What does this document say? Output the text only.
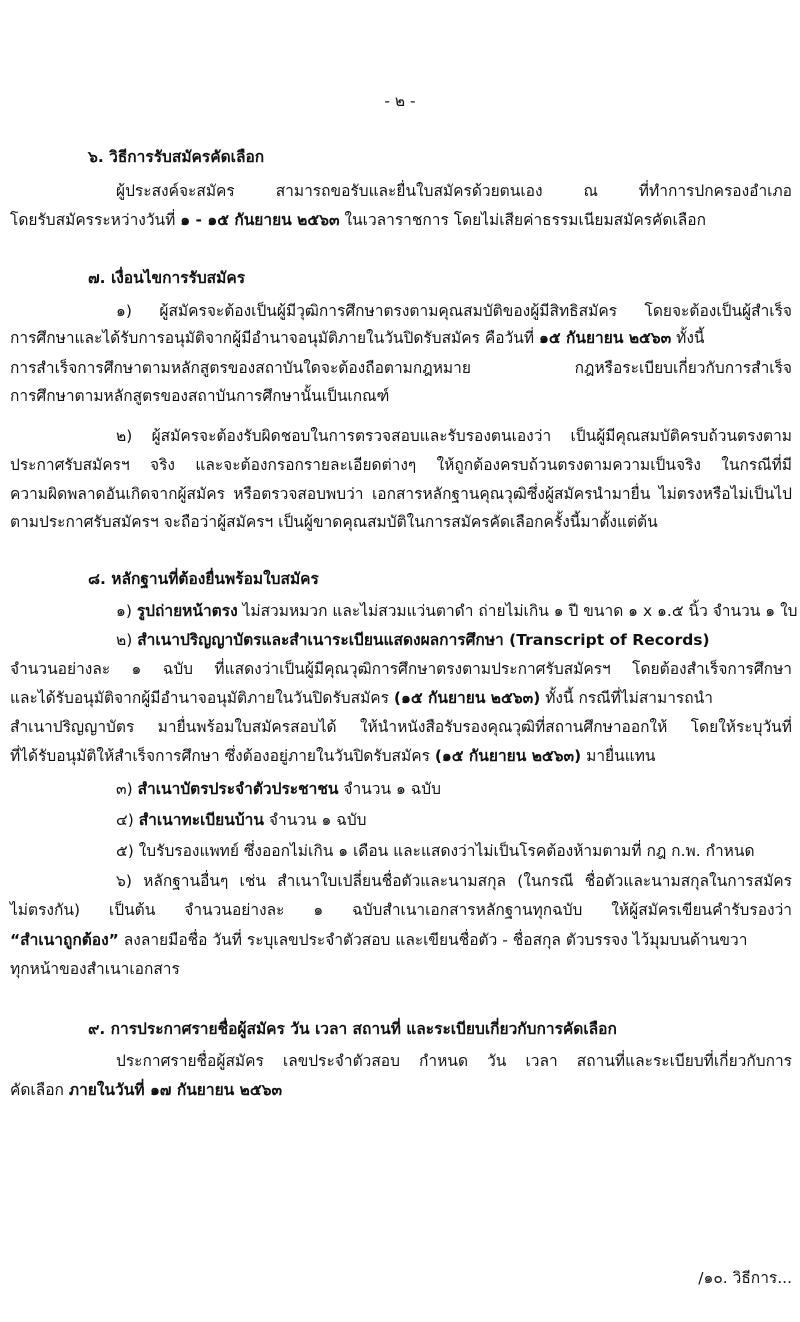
- ๒ -
๖. วิธีการรับสมัครคัดเลือก
ผู้ประสงค์จะสมัคร สามารถขอรับและยื่นใบสมัครด้วยตนเอง ณ ที่ทำการปกครองอำเภอ
โดยรับสมัครระหว่างวันที่ ๑ - ๑๕ กันยายน ๒๕๖๓ ในเวลาราชการ โดยไม่เสียค่าธรรมเนียมสมัครคัดเลือก
๗. เงื่อนไขการรับสมัคร
๑) ผู้สมัครจะต้องเป็นผู้มีวุฒิการศึกษาตรงตามคุณสมบัติของผู้มีสิทธิสมัคร โดยจะต้องเป็นผู้สำเร็จ
การศึกษาและได้รับการอนุมัติจากผู้มีอำนาจอนุมัติภายในวันปิดรับสมัคร คือวันที่ ๑๕ กันยายน ๒๕๖๓ ทั้งนี้
การสำเร็จการศึกษาตามหลักสูตรของสถาบันใดจะต้องถือตามกฎหมาย กฎหรือระเบียบเกี่ยวกับการสำเร็จ
การศึกษาตามหลักสูตรของสถาบันการศึกษานั้นเป็นเกณฑ์
๒) ผู้สมัครจะต้องรับผิดชอบในการตรวจสอบและรับรองตนเองว่า เป็นผู้มีคุณสมบัติครบถ้วนตรงตาม
ประกาศรับสมัครฯ จริง และจะต้องกรอกรายละเอียดต่างๆ ให้ถูกต้องครบถ้วนตรงตามความเป็นจริง ในกรณีที่มี
ความผิดพลาดอันเกิดจากผู้สมัคร หรือตรวจสอบพบว่า เอกสารหลักฐานคุณวุฒิซึ่งผู้สมัครนำมายื่น ไม่ตรงหรือไม่เป็นไป
ตามประกาศรับสมัครฯ จะถือว่าผู้สมัครฯ เป็นผู้ขาดคุณสมบัติในการสมัครคัดเลือกครั้งนี้มาตั้งแต่ต้น
๘. หลักฐานที่ต้องยื่นพร้อมใบสมัคร
๑) รูปถ่ายหน้าตรง ไม่สวมหมวก และไม่สวมแว่นตาดำ ถ่ายไม่เกิน ๑ ปี ขนาด ๑ x ๑.๕ นิ้ว จำนวน ๑ ใบ
๒) สำเนาปริญญาบัตรและสำเนาระเบียนแสดงผลการศึกษา (Transcript of Records)
จำนวนอย่างละ ๑ ฉบับ ที่แสดงว่าเป็นผู้มีคุณวุฒิการศึกษาตรงตามประกาศรับสมัครฯ โดยต้องสำเร็จการศึกษา
และได้รับอนุมัติจากผู้มีอำนาจอนุมัติภายในวันปิดรับสมัคร (๑๕ กันยายน ๒๕๖๓) ทั้งนี้ กรณีที่ไม่สามารถนำ
สำเนาปริญญาบัตร มายื่นพร้อมใบสมัครสอบได้ ให้นำหนังสือรับรองคุณวุฒิที่สถานศึกษาออกให้ โดยให้ระบุวันที่
ที่ได้รับอนุมัติให้สำเร็จการศึกษา ซึ่งต้องอยู่ภายในวันปิดรับสมัคร (๑๕ กันยายน ๒๕๖๓) มายื่นแทน
๓) สำเนาบัตรประจำตัวประชาชน จำนวน ๑ ฉบับ
๔) สำเนาทะเบียนบ้าน จำนวน ๑ ฉบับ
๕) ใบรับรองแพทย์ ซึ่งออกไม่เกิน ๑ เดือน และแสดงว่าไม่เป็นโรคต้องห้ามตามที่ กฎ ก.พ. กำหนด
๖) หลักฐานอื่นๆ เช่น สำเนาใบเปลี่ยนชื่อตัวและนามสกุล (ในกรณี ชื่อตัวและนามสกุลในการสมัคร
ไม่ตรงกัน) เป็นต้น จำนวนอย่างละ ๑ ฉบับสำเนาเอกสารหลักฐานทุกฉบับ ให้ผู้สมัครเขียนคำรับรองว่า
“สำเนาถูกต้อง” ลงลายมือชื่อ วันที่ ระบุเลขประจำตัวสอบ และเขียนชื่อตัว - ชื่อสกุล ตัวบรรจง ไว้มุมบนด้านขวา
ทุกหน้าของสำเนาเอกสาร
๙. การประกาศรายชื่อผู้สมัคร วัน เวลา สถานที่ และระเบียบเกี่ยวกับการคัดเลือก
ประกาศรายชื่อผู้สมัคร เลขประจำตัวสอบ กำหนด วัน เวลา สถานที่และระเบียบที่เกี่ยวกับการ
คัดเลือก ภายในวันที่ ๑๗ กันยายน ๒๕๖๓
/๑๐. วิธีการ...
